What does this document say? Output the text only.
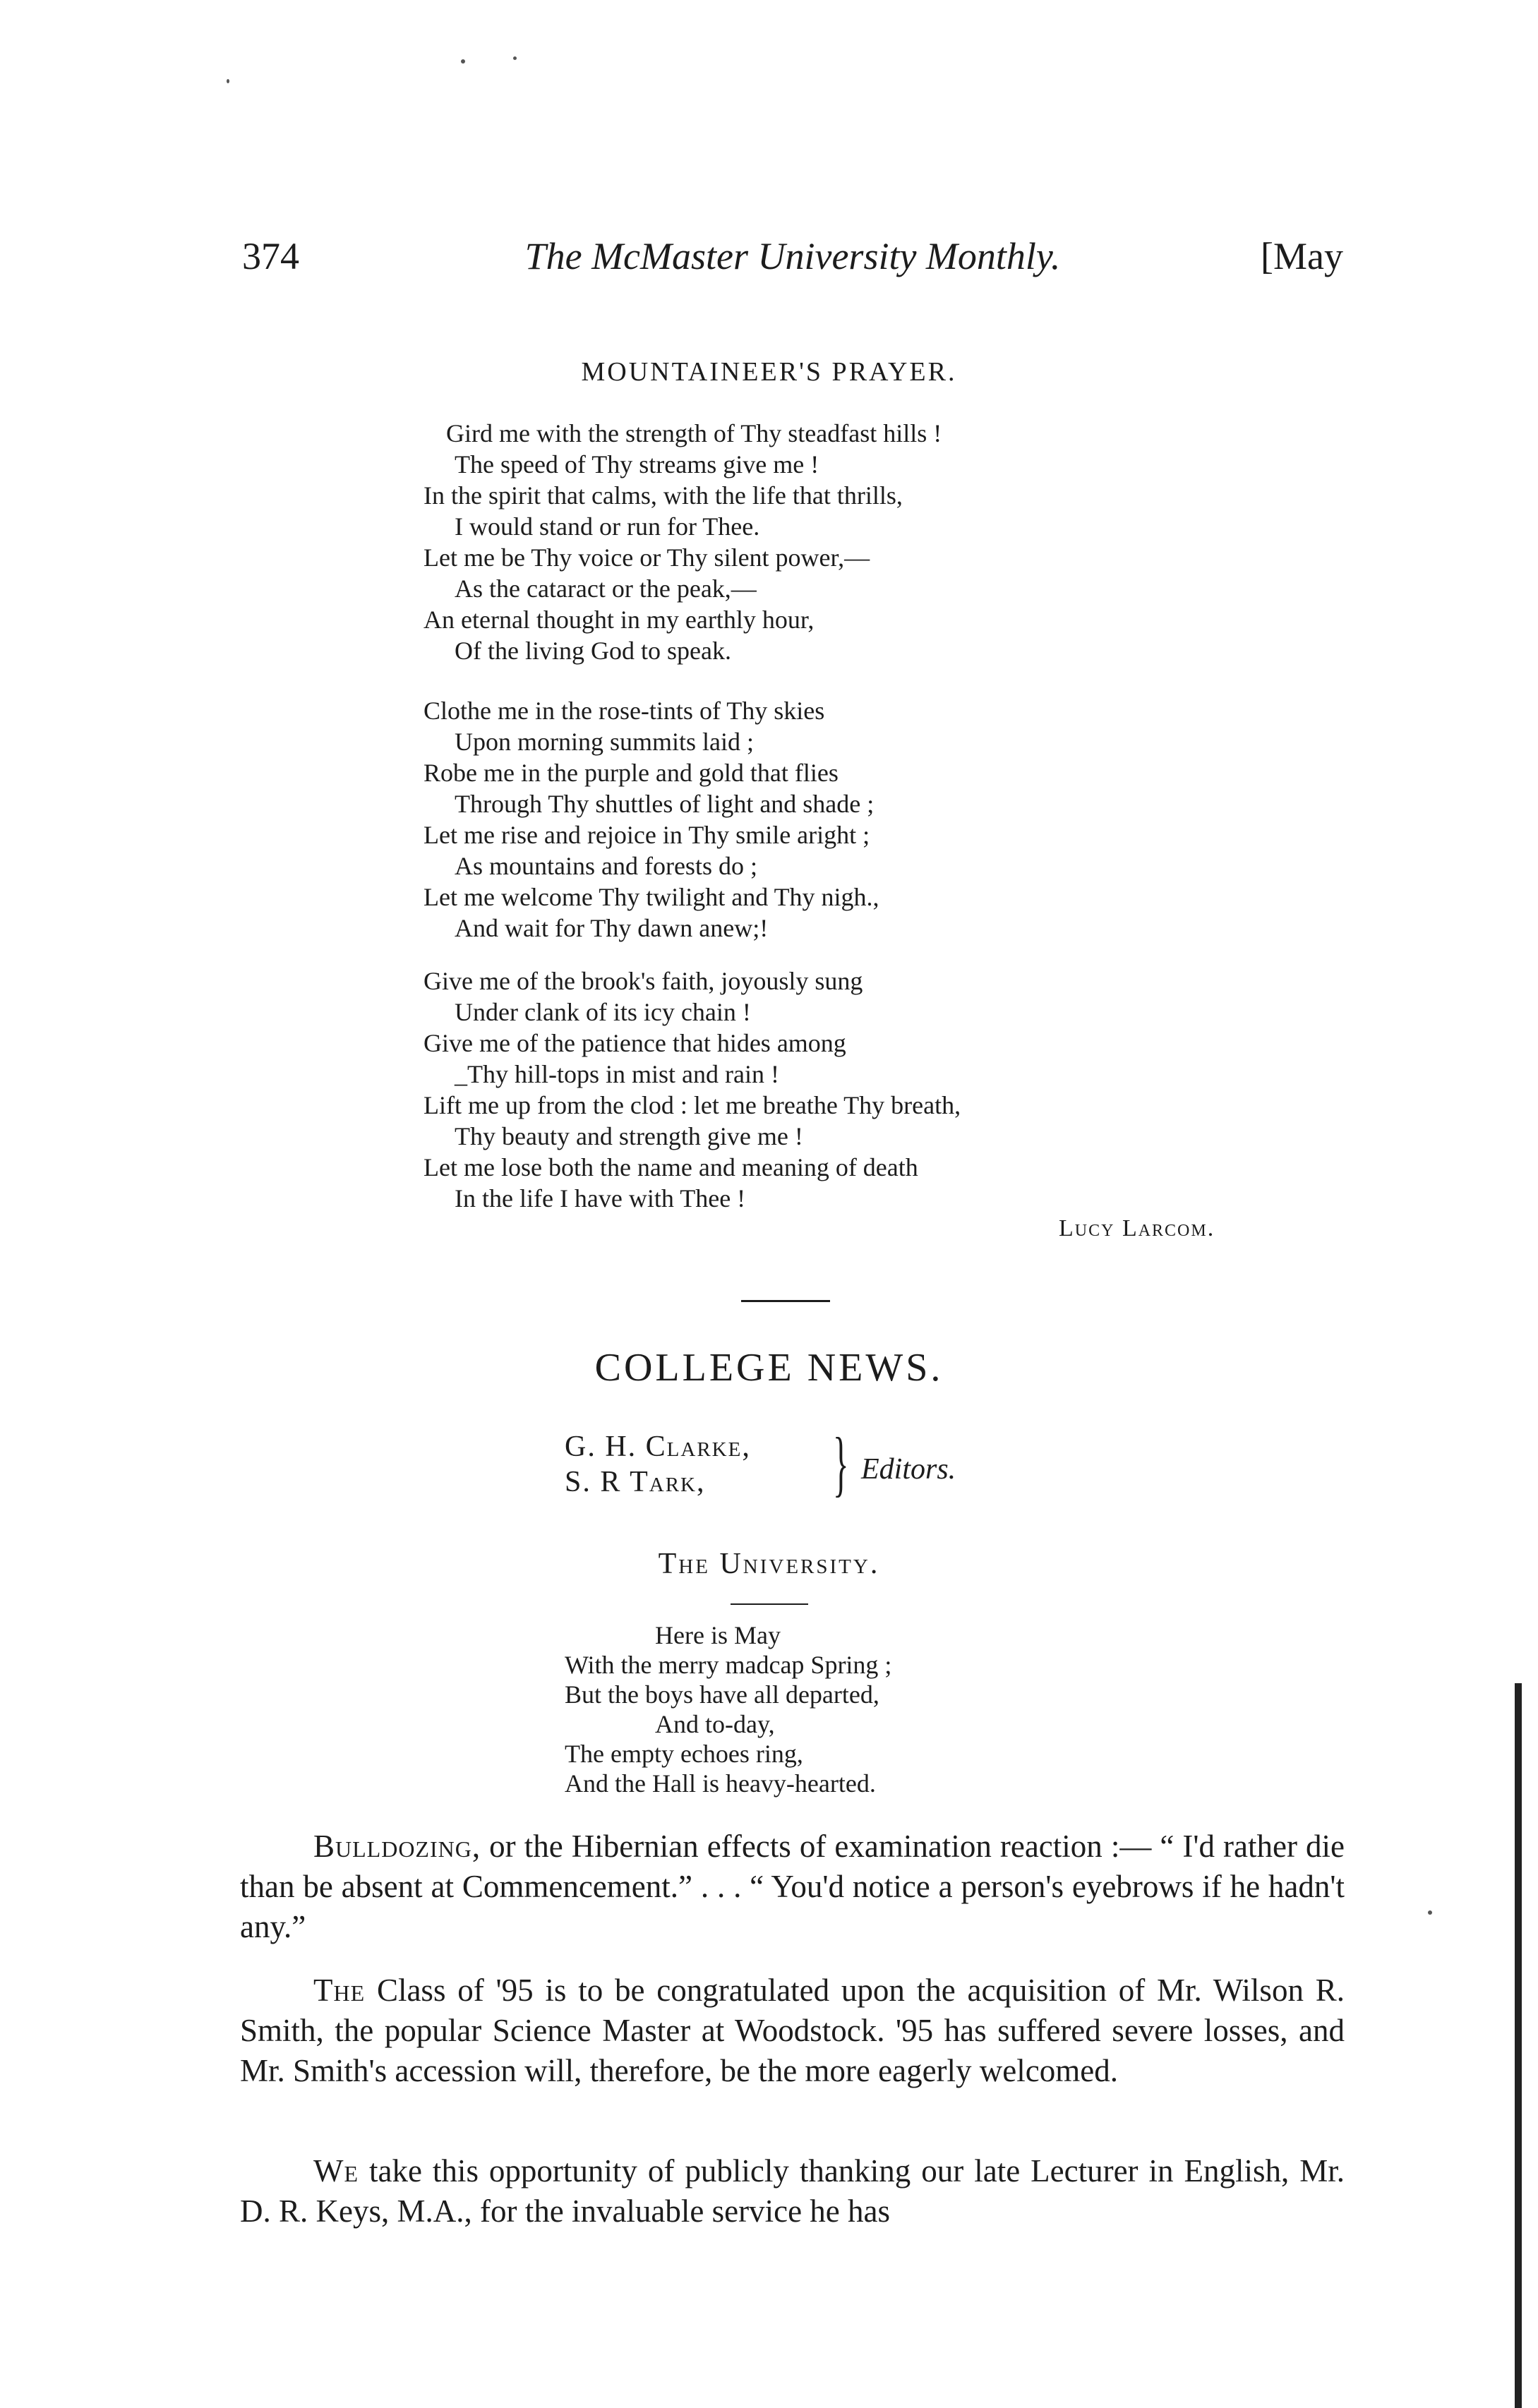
374	The McMaster University Monthly.	[May
MOUNTAINEER'S PRAYER.
Gird me with the strength of Thy steadfast hills !
The speed of Thy streams give me !
In the spirit that calms, with the life that thrills,
I would stand or run for Thee.
Let me be Thy voice or Thy silent power,—
As the cataract or the peak,—
An eternal thought in my earthly hour,
Of the living God to speak.
Clothe me in the rose-tints of Thy skies
Upon morning summits laid ;
Robe me in the purple and gold that flies
Through Thy shuttles of light and shade ;
Let me rise and rejoice in Thy smile aright ;
As mountains and forests do ;
Let me welcome Thy twilight and Thy nigh.,
And wait for Thy dawn anew;!
Give me of the brook's faith, joyously sung
Under clank of its icy chain !
Give me of the patience that hides among
_Thy hill-tops in mist and rain !
Lift me up from the clod : let me breathe Thy breath,
Thy beauty and strength give me !
Let me lose both the name and meaning of death
In the life I have with Thee !
Lucy Larcom.
COLLEGE NEWS.
G. H. Clarke,
S. R Tark,	} Editors.
The University.
Here is May
With the merry madcap Spring ;
But the boys have all departed,
And to-day,
The empty echoes ring,
And the Hall is heavy-hearted.
Bulldozing, or the Hibernian effects of examination reaction :— “ I'd rather die than be absent at Commencement.” . . . “ You'd notice a person's eyebrows if he hadn't any.”
The Class of '95 is to be congratulated upon the acquisition of Mr. Wilson R. Smith, the popular Science Master at Woodstock. '95 has suffered severe losses, and Mr. Smith's accession will, therefore, be the more eagerly welcomed.
We take this opportunity of publicly thanking our late Lecturer in English, Mr. D. R. Keys, M.A., for the invaluable service he has
